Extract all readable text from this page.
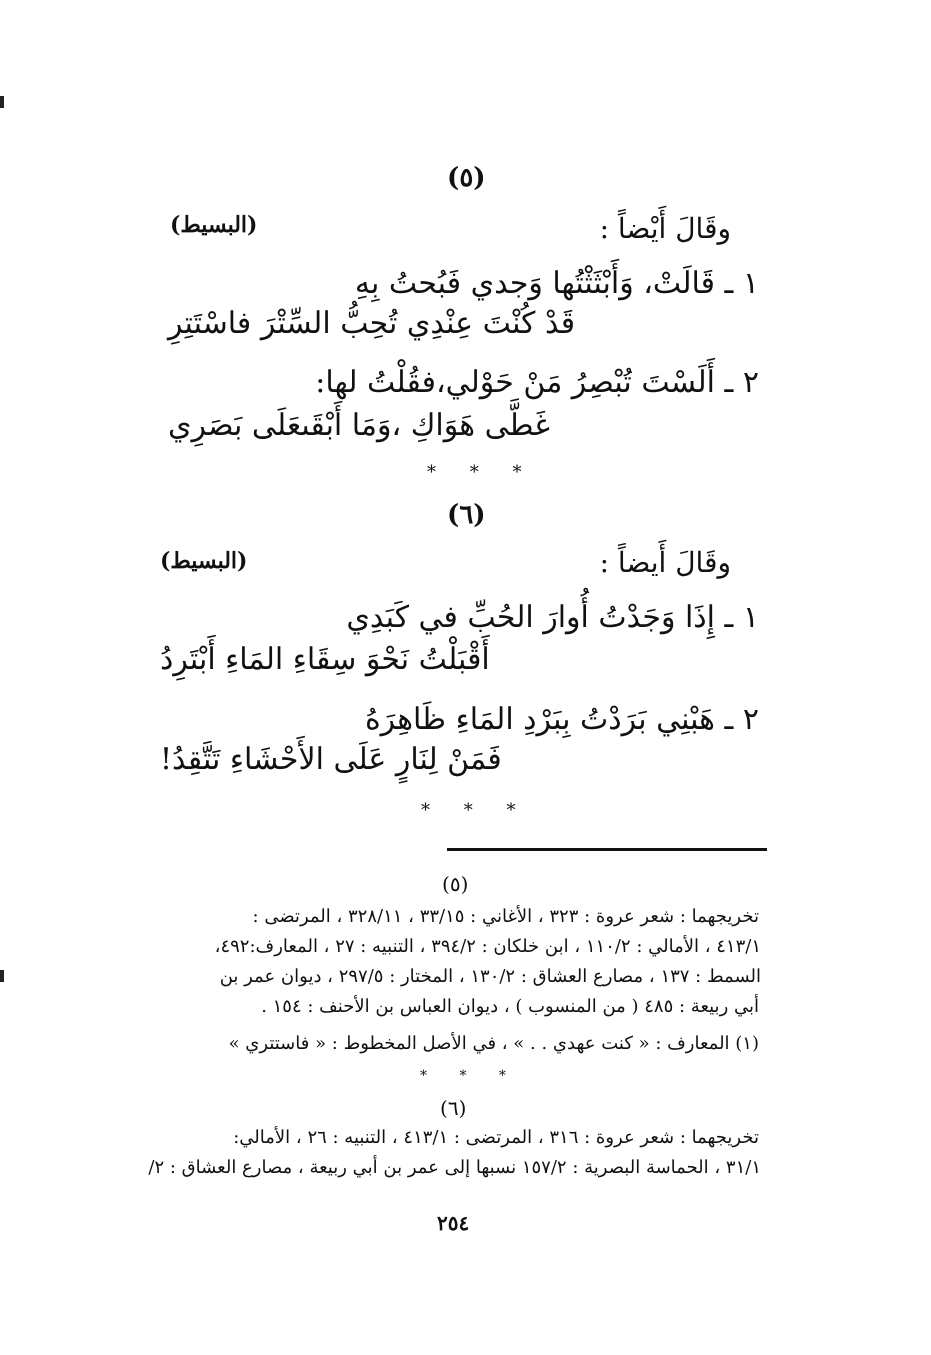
(٥)
وقَالَ أَيْضاً :
(البسيط)
١ ـ قَالَتْ، وَأَبْثَثْتُها وَجدي فَبُحتُ بِهِ
قَدْ كُنْتَ عِنْدِي تُحِبُّ السِّتْرَ فاسْتَتِرِ
٢ ـ أَلَسْتَ تُبْصِرُ مَنْ حَوْلي،فقُلْتُ لها:
غَطَّى هَوَاكِ ،وَمَا أَبْقَىعَلَى بَصَرِي
* * *
(٦)
وقَالَ أَيضاً :
(البسيط)
١ ـ إِذَا وَجَدْتُ أُوارَ الحُبِّ في كَبَدِي
أَقْبَلْتُ نَحْوَ سِقَاءِ المَاءِ أَبْتَرِدُ
٢ ـ هَبْنِي بَرَدْتُ بِبَرْدِ المَاءِ ظَاهِرَهُ
فَمَنْ لِنَارٍ عَلَى الأَحْشَاءِ تَتَّقِدُ!
* * *
(٥)
تخريجهما : شعر عروة : ٣٢٣ ، الأغاني : ٣٣/١٥ ، ٣٢٨/١١ ، المرتضى :
٤١٣/١ ، الأمالي : ١١٠/٢ ، ابن خلكان : ٣٩٤/٢ ، التنبيه : ٢٧ ، المعارف:٤٩٢،
السمط : ١٣٧ ، مصارع العشاق : ١٣٠/٢ ، المختار : ٢٩٧/٥ ، ديوان عمر بن
أبي ربيعة : ٤٨٥ ( من المنسوب ) ، ديوان العباس بن الأحنف : ١٥٤ .
(١) المعارف : « كنت عهدي . . » ، في الأصل المخطوط : « فاستتري »
* * *
(٦)
تخريجهما : شعر عروة : ٣١٦ ، المرتضى : ٤١٣/١ ، التنبيه : ٢٦ ، الأمالي:
٣١/١ ، الحماسة البصرية : ١٥٧/٢ نسبها إلى عمر بن أبي ربيعة ، مصارع العشاق : ٢/
٢٥٤
